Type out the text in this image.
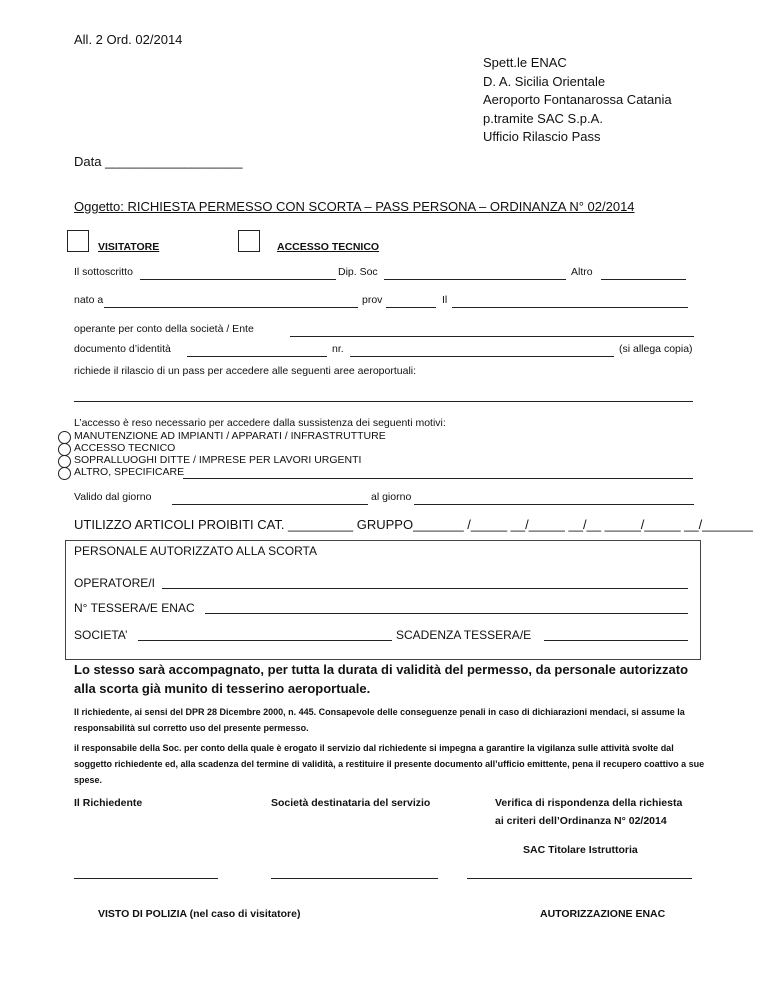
All. 2 Ord. 02/2014
Spett.le ENAC
D. A. Sicilia Orientale
Aeroporto Fontanarossa Catania
p.tramite SAC S.p.A.
Ufficio Rilascio Pass
Data ___________________
Oggetto: RICHIESTA PERMESSO CON SCORTA – PASS PERSONA – ORDINANZA N° 02/2014
VISITATORE	ACCESSO TECNICO
Il sottoscritto	Dip. Soc	Altro
nato a	prov	Il
operante per conto della società / Ente
documento d’identità	nr.	(si allega copia)
richiede il rilascio di un pass per accedere alle seguenti aree aeroportuali:
L’accesso è reso necessario per accedere dalla sussistenza dei seguenti motivi:
MANUTENZIONE AD IMPIANTI / APPARATI / INFRASTRUTTURE
ACCESSO TECNICO
SOPRALLUOGHI DITTE / IMPRESE PER LAVORI URGENTI
ALTRO, SPECIFICARE
Valido dal giorno	al giorno
UTILIZZO ARTICOLI PROIBITI CAT. _________ GRUPPO_______ /_____ __/_____ __/__ _____/_____ __/_______
PERSONALE AUTORIZZATO ALLA SCORTA
OPERATORE/I
N° TESSERA/E ENAC
SOCIETA’	SCADENZA TESSERA/E
Lo stesso sarà accompagnato, per tutta la durata di validità del permesso, da personale autorizzato alla scorta già munito di tesserino aeroportuale.
Il richiedente, ai sensi del DPR 28 Dicembre 2000, n. 445. Consapevole delle conseguenze penali in caso di dichiarazioni mendaci, si assume la responsabilità sul corretto uso del presente permesso.
il responsabile della Soc. per conto della quale è erogato il servizio dal richiedente si impegna a garantire la vigilanza sulle attività svolte dal soggetto richiedente ed, alla scadenza del termine di validità, a restituire il presente documento all’ufficio emittente, pena il recupero coattivo a sue spese.
Il Richiedente	Società destinataria del servizio	Verifica di rispondenza della richiesta
ai criteri dell’Ordinanza N° 02/2014
SAC Titolare Istruttoria
VISTO DI POLIZIA (nel caso di visitatore)	AUTORIZZAZIONE ENAC
